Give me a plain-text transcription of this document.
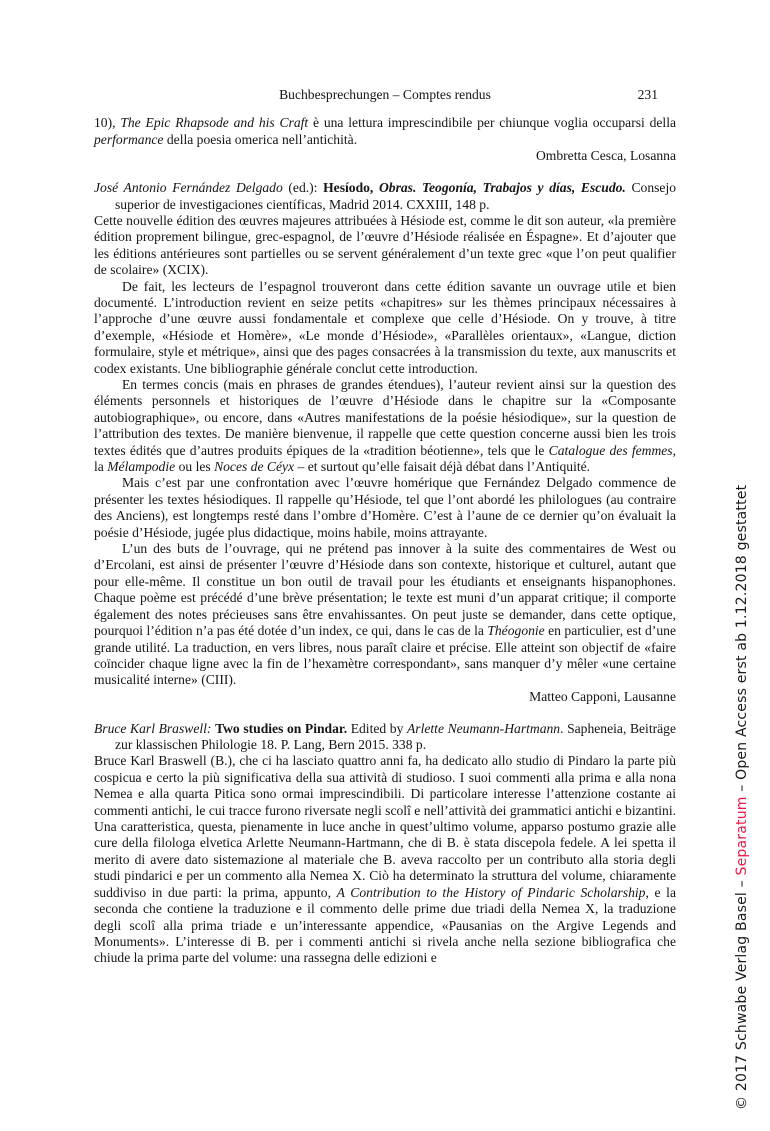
Buchbesprechungen – Comptes rendus	231

10), The Epic Rhapsode and his Craft è una lettura imprescindibile per chiunque voglia occuparsi della performance della poesia omerica nell’antichità.

Ombretta Cesca, Losanna

José Antonio Fernández Delgado (ed.): Hesíodo, Obras. Teogonía, Trabajos y días, Escudo. Consejo superior de investigaciones científicas, Madrid 2014. CXXIII, 148 p.

Cette nouvelle édition des œuvres majeures attribuées à Hésiode est, comme le dit son auteur, «la première édition proprement bilingue, grec-espagnol, de l’œuvre d’Hésiode réalisée en Éspagne». Et d’ajouter que les éditions antérieures sont partielles ou se servent généralement d’un texte grec «que l’on peut qualifier de scolaire» (XCIX).

De fait, les lecteurs de l’espagnol trouveront dans cette édition savante un ouvrage utile et bien documenté. L’introduction revient en seize petits «chapitres» sur les thèmes principaux nécessaires à l’approche d’une œuvre aussi fondamentale et complexe que celle d’Hésiode. On y trouve, à titre d’exemple, «Hésiode et Homère», «Le monde d’Hésiode», «Parallèles orientaux», «Langue, diction formulaire, style et métrique», ainsi que des pages consacrées à la transmission du texte, aux manuscrits et codex existants. Une bibliographie générale conclut cette introduction.

En termes concis (mais en phrases de grandes étendues), l’auteur revient ainsi sur la question des éléments personnels et historiques de l’œuvre d’Hésiode dans le chapitre sur la «Composante autobiographique», ou encore, dans «Autres manifestations de la poésie hésiodique», sur la question de l’attribution des textes. De manière bienvenue, il rappelle que cette question concerne aussi bien les trois textes édités que d’autres produits épiques de la «tradition béotienne», tels que le Catalogue des femmes, la Mélampodie ou les Noces de Céyx – et surtout qu’elle faisait déjà débat dans l’Antiquité.

Mais c’est par une confrontation avec l’œuvre homérique que Fernández Delgado commence de présenter les textes hésiodiques. Il rappelle qu’Hésiode, tel que l’ont abordé les philologues (au contraire des Anciens), est longtemps resté dans l’ombre d’Homère. C’est à l’aune de ce dernier qu’on évaluait la poésie d’Hésiode, jugée plus didactique, moins habile, moins attrayante.

L’un des buts de l’ouvrage, qui ne prétend pas innover à la suite des commentaires de West ou d’Ercolani, est ainsi de présenter l’œuvre d’Hésiode dans son contexte, historique et culturel, autant que pour elle-même. Il constitue un bon outil de travail pour les étudiants et enseignants hispanophones. Chaque poème est précédé d’une brève présentation; le texte est muni d’un apparat critique; il comporte également des notes précieuses sans être envahissantes. On peut juste se demander, dans cette optique, pourquoi l’édition n’a pas été dotée d’un index, ce qui, dans le cas de la Théogonie en particulier, est d’une grande utilité. La traduction, en vers libres, nous paraît claire et précise. Elle atteint son objectif de «faire coïncider chaque ligne avec la fin de l’hexamètre correspondant», sans manquer d’y mêler «une certaine musicalité interne» (CIII).

Matteo Capponi, Lausanne

Bruce Karl Braswell: Two studies on Pindar. Edited by Arlette Neumann-Hartmann. Sapheneia, Beiträge zur klassischen Philologie 18. P. Lang, Bern 2015. 338 p.

Bruce Karl Braswell (B.), che ci ha lasciato quattro anni fa, ha dedicato allo studio di Pindaro la parte più cospicua e certo la più significativa della sua attività di studioso. I suoi commenti alla prima e alla nona Nemea e alla quarta Pitica sono ormai imprescindibili. Di particolare interesse l’attenzione costante ai commenti antichi, le cui tracce furono riversate negli scolî e nell’attività dei grammatici antichi e bizantini. Una caratteristica, questa, pienamente in luce anche in quest’ultimo volume, apparso postumo grazie alle cure della filologa elvetica Arlette Neumann-Hartmann, che di B. è stata discepola fedele. A lei spetta il merito di avere dato sistemazione al materiale che B. aveva raccolto per un contributo alla storia degli studi pindarici e per un commento alla Nemea X. Ciò ha determinato la struttura del volume, chiaramente suddiviso in due parti: la prima, appunto, A Contribution to the History of Pindaric Scholarship, e la seconda che contiene la traduzione e il commento delle prime due triadi della Nemea X, la traduzione degli scolî alla prima triade e un’interessante appendice, «Pausanias on the Argive Legends and Monuments». L’interesse di B. per i commenti antichi si rivela anche nella sezione bibliografica che chiude la prima parte del volume: una rassegna delle edizioni e	© 2017 Schwabe Verlag Basel – Separatum – Open Access erst ab 1.12.2018 gestattet
